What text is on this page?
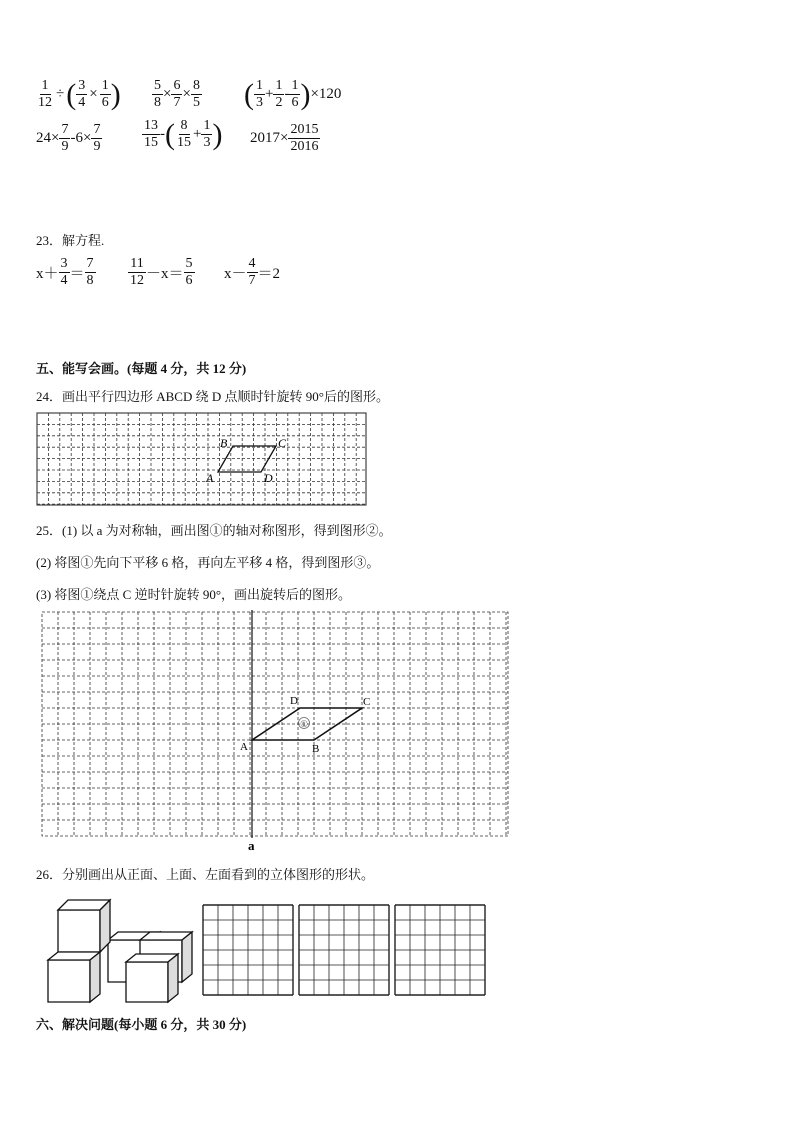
$\frac{1}{12}$ ÷ ( $\frac{3}{4} \times \frac{1}{6}$ ) $\frac{5}{8} \times \frac{6}{7} \times \frac{8}{5}$ ( $\frac{1}{3} + \frac{1}{2} - \frac{1}{6}$ ) ×120
$24\times \frac{7}{9} -6\times \frac{7}{9}$	$\frac{13}{15}$ - ( $\frac{8}{15} + \frac{1}{3}$ ) $2017\times \frac{2015}{2016}$
23．解方程.
$x+ \frac{3}{4} = \frac{7}{8} \frac{11}{12} -x= \frac{5}{6} x- \frac{4}{7} =2$
五、能写会画。(每题 4 分，共 12 分)
24．画出平行四边形 ABCD 绕 D 点顺时针旋转 90°后的图形。
A
B	C
D
25．(1) 以 a 为对称轴，画出图①的轴对称图形，得到图形②。
(2) 将图①先向下平移 6 格，再向左平移 4 格，得到图形③。
(3) 将图①绕点 C 逆时针旋转 90°，画出旋转后的图形。
①
A	B
C
D
a
26．分别画出从正面、上面、左面看到的立体图形的形状。
六、解决问题(每小题 6 分，共 30 分)
